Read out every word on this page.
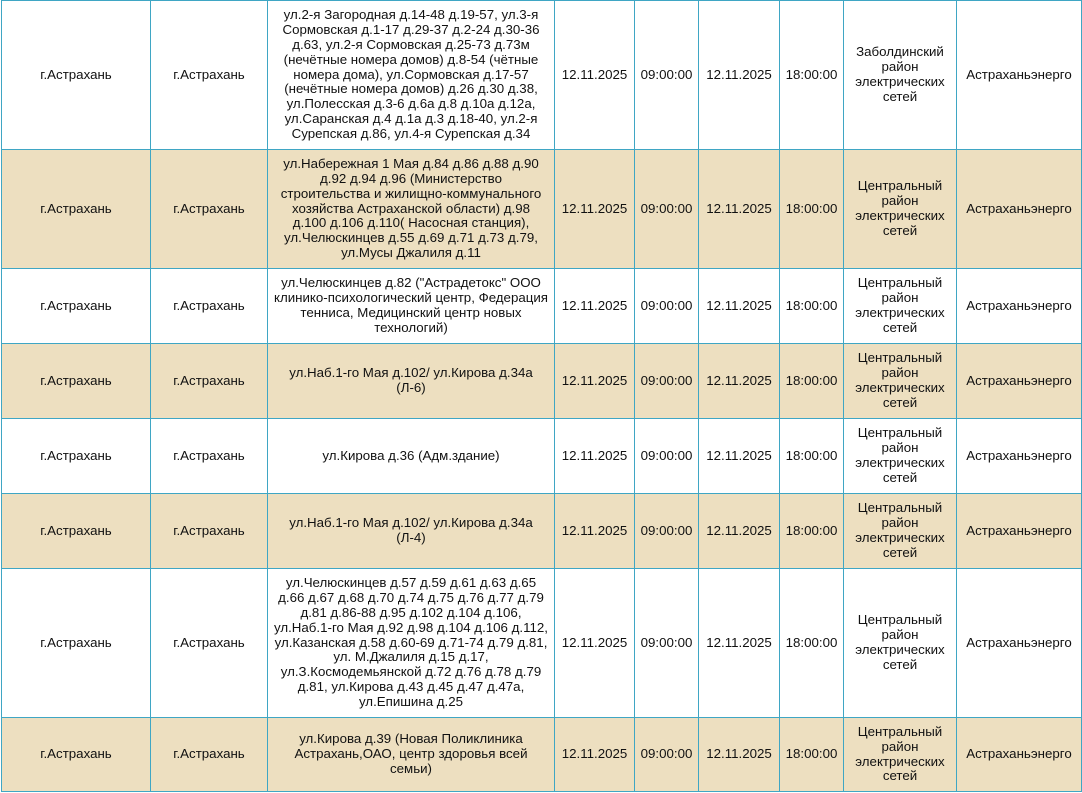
г.Астрахань	г.Астрахань	ул.2-я Загородная д.14-48 д.19-57, ул.3-я Сормовская д.1-17 д.29-37 д.2-24 д.30-36 д.63, ул.2-я Сормовская д.25-73 д.73м (нечётные номера домов) д.8-54 (чётные номера дома), ул.Сормовская д.17-57 (нечётные номера домов) д.26 д.30 д.38, ул.Полесская д.3-6 д.6а д.8 д.10а д.12а, ул.Саранская д.4 д.1а д.3 д.18-40, ул.2-я Сурепская д.86, ул.4-я Сурепская д.34	12.11.2025	09:00:00	12.11.2025	18:00:00	Заболдинский район электрических сетей	Астраханьэнерго
г.Астрахань	г.Астрахань	ул.Набережная 1 Мая д.84 д.86 д.88 д.90 д.92 д.94 д.96 (Министерство строительства и жилищно-коммунального хозяйства Астраханской области) д.98 д.100 д.106 д.110( Насосная станция), ул.Челюскинцев д.55 д.69 д.71 д.73 д.79, ул.Мусы Джалиля д.11	12.11.2025	09:00:00	12.11.2025	18:00:00	Центральный район электрических сетей	Астраханьэнерго
г.Астрахань	г.Астрахань	ул.Челюскинцев д.82 ("Астрадетокс" ООО клинико-психологический центр, Федерация тенниса, Медицинский центр новых технологий)	12.11.2025	09:00:00	12.11.2025	18:00:00	Центральный район электрических сетей	Астраханьэнерго
г.Астрахань	г.Астрахань	ул.Наб.1-го Мая д.102/ ул.Кирова д.34а (Л-6)	12.11.2025	09:00:00	12.11.2025	18:00:00	Центральный район электрических сетей	Астраханьэнерго
г.Астрахань	г.Астрахань	ул.Кирова д.36 (Адм.здание)	12.11.2025	09:00:00	12.11.2025	18:00:00	Центральный район электрических сетей	Астраханьэнерго
г.Астрахань	г.Астрахань	ул.Наб.1-го Мая д.102/ ул.Кирова д.34а (Л-4)	12.11.2025	09:00:00	12.11.2025	18:00:00	Центральный район электрических сетей	Астраханьэнерго
г.Астрахань	г.Астрахань	ул.Челюскинцев д.57 д.59 д.61 д.63 д.65 д.66 д.67 д.68 д.70 д.74 д.75 д.76 д.77 д.79 д.81 д.86-88 д.95 д.102 д.104 д.106, ул.Наб.1-го Мая д.92 д.98 д.104 д.106 д.112, ул.Казанская д.58 д.60-69 д.71-74 д.79 д.81, ул. М.Джалиля д.15 д.17, ул.З.Космодемьянской д.72 д.76 д.78 д.79 д.81, ул.Кирова д.43 д.45 д.47 д.47а, ул.Епишина д.25	12.11.2025	09:00:00	12.11.2025	18:00:00	Центральный район электрических сетей	Астраханьэнерго
г.Астрахань	г.Астрахань	ул.Кирова д.39 (Новая Поликлиника Астрахань,ОАО, центр здоровья всей семьи)	12.11.2025	09:00:00	12.11.2025	18:00:00	Центральный район электрических сетей	Астраханьэнерго
